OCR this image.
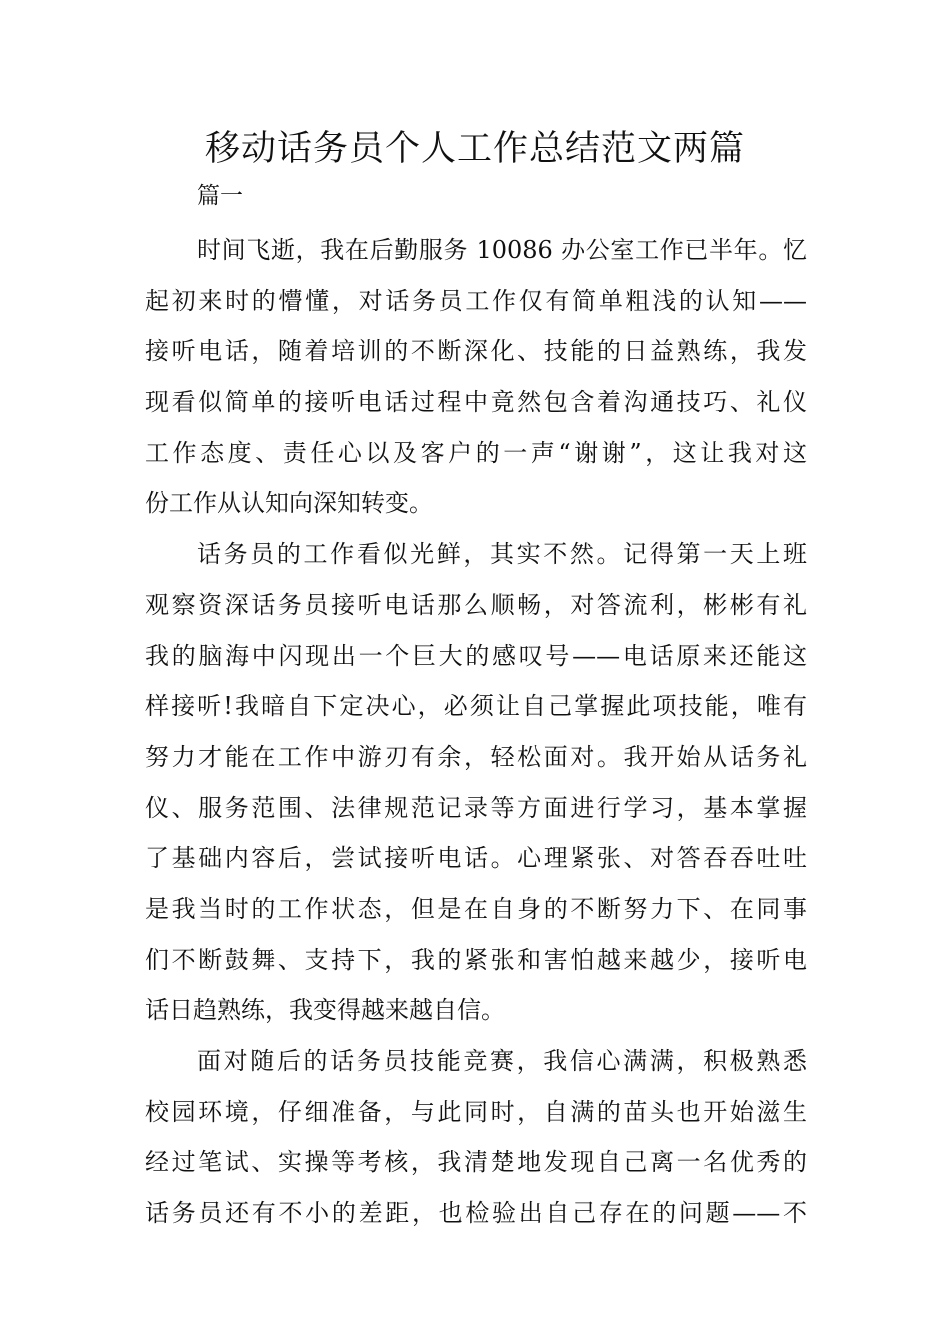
移动话务员个人工作总结范文两篇
篇一
时间飞逝，我在后勤服务 10086 办公室工作已半年。忆
起初来时的懵懂，对话务员工作仅有简单粗浅的认知——
接听电话，随着培训的不断深化、技能的日益熟练，我发
现看似简单的接听电话过程中竟然包含着沟通技巧、礼仪
工作态度、责任心以及客户的一声“谢谢”，这让我对这
份工作从认知向深知转变。
话务员的工作看似光鲜，其实不然。记得第一天上班
观察资深话务员接听电话那么顺畅，对答流利，彬彬有礼
我的脑海中闪现出一个巨大的感叹号——电话原来还能这
样接听!我暗自下定决心，必须让自己掌握此项技能，唯有
努力才能在工作中游刃有余，轻松面对。我开始从话务礼
仪、服务范围、法律规范记录等方面进行学习，基本掌握
了基础内容后，尝试接听电话。心理紧张、对答吞吞吐吐
是我当时的工作状态，但是在自身的不断努力下、在同事
们不断鼓舞、支持下，我的紧张和害怕越来越少，接听电
话日趋熟练，我变得越来越自信。
面对随后的话务员技能竞赛，我信心满满，积极熟悉
校园环境，仔细准备，与此同时，自满的苗头也开始滋生
经过笔试、实操等考核，我清楚地发现自己离一名优秀的
话务员还有不小的差距，也检验出自己存在的问题——不
